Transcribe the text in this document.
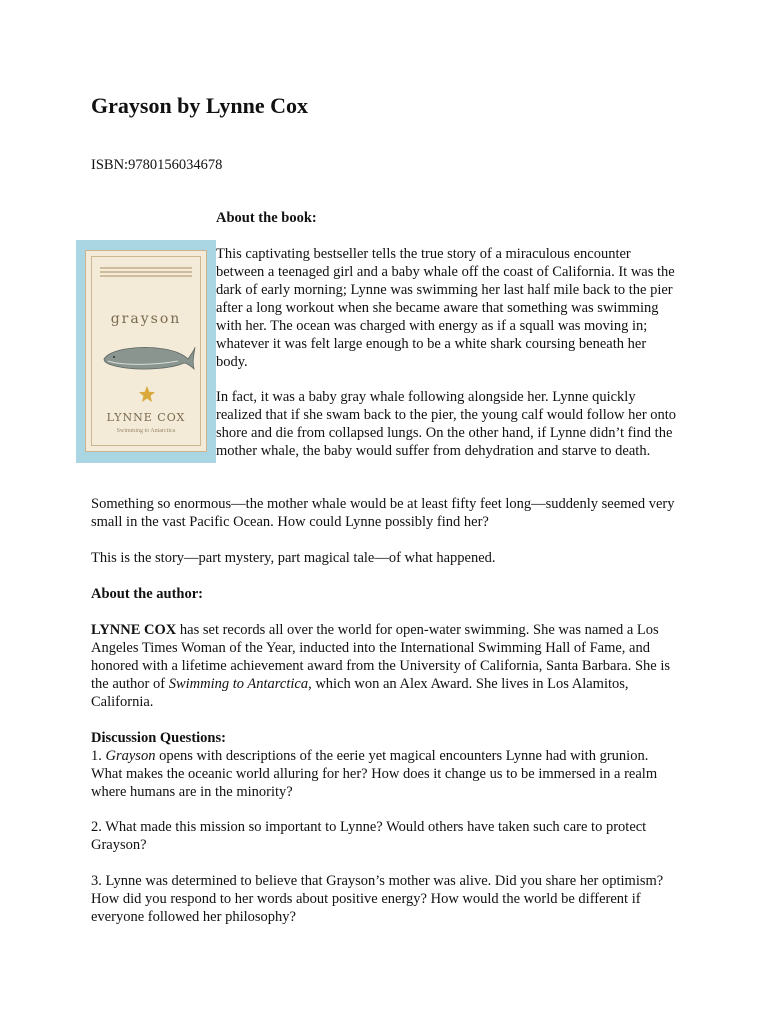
Grayson by Lynne Cox
ISBN:9780156034678
About the book:
grayson
LYNNE COX
Swimming to Antarctica

This captivating bestseller tells the true story of a miraculous encounter between a teenaged girl and a baby whale off the coast of California. It was the dark of early morning; Lynne was swimming her last half mile back to the pier after a long workout when she became aware that something was swimming with her. The ocean was charged with energy as if a squall was moving in; whatever it was felt large enough to be a white shark coursing beneath her body.

In fact, it was a baby gray whale following alongside her. Lynne quickly realized that if she swam back to the pier, the young calf would follow her onto shore and die from collapsed lungs. On the other hand, if Lynne didn’t find the mother whale, the baby would suffer from dehydration and starve to death.

Something so enormous—the mother whale would be at least fifty feet long—suddenly seemed very small in the vast Pacific Ocean. How could Lynne possibly find her?

This is the story—part mystery, part magical tale—of what happened.

About the author:

LYNNE COX has set records all over the world for open-water swimming. She was named a Los Angeles Times Woman of the Year, inducted into the International Swimming Hall of Fame, and honored with a lifetime achievement award from the University of California, Santa Barbara. She is the author of Swimming to Antarctica, which won an Alex Award. She lives in Los Alamitos, California.

Discussion Questions:

1. Grayson opens with descriptions of the eerie yet magical encounters Lynne had with grunion. What makes the oceanic world alluring for her? How does it change us to be immersed in a realm where humans are in the minority?

2. What made this mission so important to Lynne? Would others have taken such care to protect Grayson?

3. Lynne was determined to believe that Grayson’s mother was alive. Did you share her optimism? How did you respond to her words about positive energy? How would the world be different if everyone followed her philosophy?
